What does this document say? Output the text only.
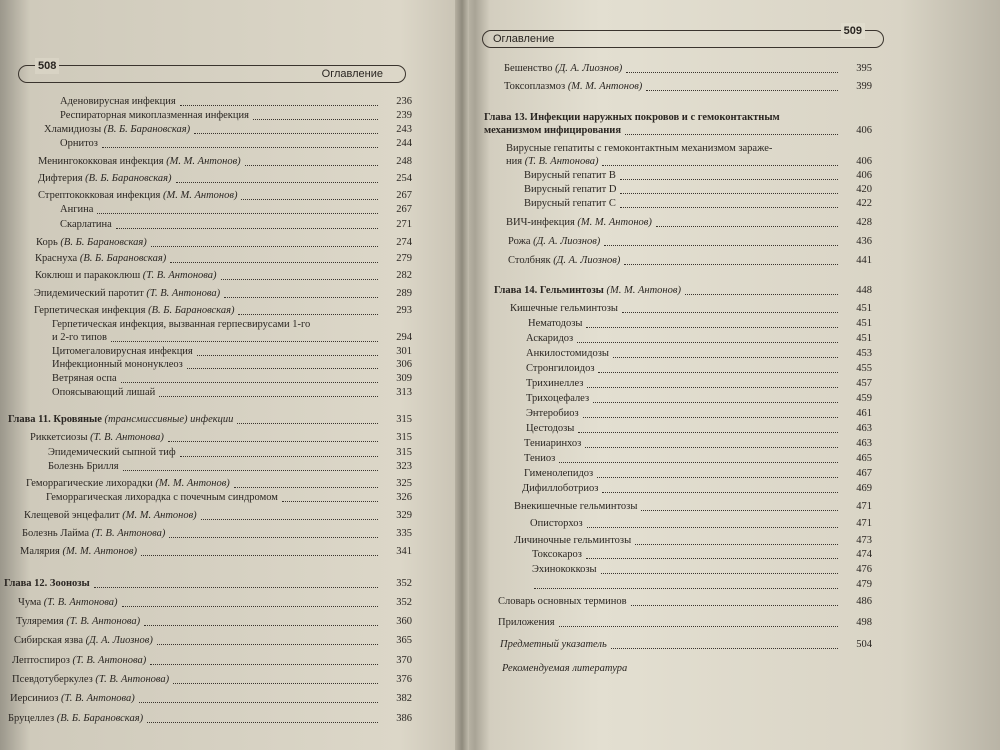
508
Оглавление
Аденовирусная инфекция	236
Респираторная микоплазменная инфекция	239
Хламидиозы (В. Б. Барановская)	243
Орнитоз	244
Менингококковая инфекция (М. М. Антонов)	248
Дифтерия (В. Б. Барановская)	254
Стрептококковая инфекция (М. М. Антонов)	267
Ангина	267
Скарлатина	271
Корь (В. Б. Барановская)	274
Краснуха (В. Б. Барановская)	279
Коклюш и паракоклюш (Т. В. Антонова)	282
Эпидемический паротит (Т. В. Антонова)	289
Герпетическая инфекция (В. Б. Барановская)	293
Герпетическая инфекция, вызванная герпесвирусами 1-го
и 2-го типов	294
Цитомегаловирусная инфекция	301
Инфекционный мононуклеоз	306
Ветряная оспа	309
Опоясывающий лишай	313
Глава 11. Кровяные (трансмиссивные) инфекции	315
Риккетсиозы (Т. В. Антонова)	315
Эпидемический сыпной тиф	315
Болезнь Брилля	323
Геморрагические лихорадки (М. М. Антонов)	325
Геморрагическая лихорадка с почечным синдромом	326
Клещевой энцефалит (М. М. Антонов)	329
Болезнь Лайма (Т. В. Антонова)	335
Малярия (М. М. Антонов)	341
Глава 12. Зоонозы	352
Чума (Т. В. Антонова)	352
Туляремия (Т. В. Антонова)	360
Сибирская язва (Д. А. Лиознов)	365
Лептоспироз (Т. В. Антонова)	370
Псевдотуберкулез (Т. В. Антонова)	376
Иерсиниоз (Т. В. Антонова)	382
Бруцеллез (В. Б. Барановская)	386
Оглавление
509
Бешенство (Д. А. Лиознов)	395
Токсоплазмоз (М. М. Антонов)	399
Глава 13. Инфекции наружных покровов и с гемоконтактным
механизмом инфицирования	406
Вирусные гепатиты с гемоконтактным механизмом зараже-
ния (Т. В. Антонова)	406
Вирусный гепатит В	406
Вирусный гепатит D	420
Вирусный гепатит С	422
ВИЧ-инфекция (М. М. Антонов)	428
Рожа (Д. А. Лиознов)	436
Столбняк (Д. А. Лиознов)	441
Глава 14. Гельминтозы (М. М. Антонов)	448
Кишечные гельминтозы	451
Нематодозы	451
Аскаридоз	451
Анкилостомидозы	453
Стронгилоидоз	455
Трихинеллез	457
Трихоцефалез	459
Энтеробиоз	461
Цестодозы	463
Тениаринхоз	463
Тениоз	465
Гименолепидоз	467
Дифиллоботриоз	469
Внекишечные гельминтозы	471
Описторхоз	471
Личиночные гельминтозы	473
Токсокароз	474
Эхинококкозы	476
479
Словарь основных терминов	486
Приложения	498
Предметный указатель	504
Рекомендуемая литература
